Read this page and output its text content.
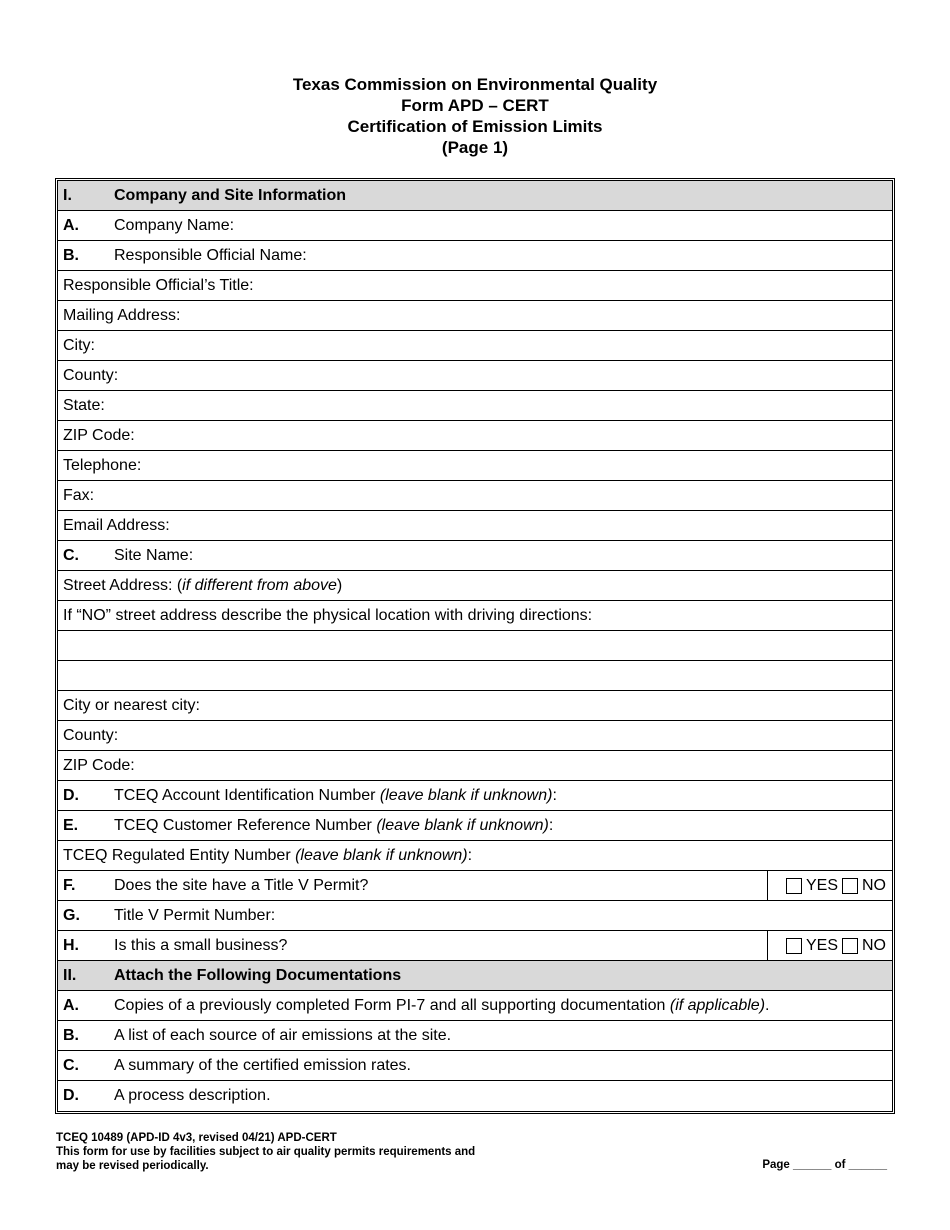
Texas Commission on Environmental Quality
Form APD – CERT
Certification of Emission Limits
(Page 1)
I.	Company and Site Information
A.	Company Name:
B.	Responsible Official Name:
Responsible Official’s Title:
Mailing Address:
City:
County:
State:
ZIP Code:
Telephone:
Fax:
Email Address:
C.	Site Name:
Street Address: (if different from above)
If “NO” street address describe the physical location with driving directions:
City or nearest city:
County:
ZIP Code:
D.	TCEQ Account Identification Number (leave blank if unknown):
E.	TCEQ Customer Reference Number (leave blank if unknown):
TCEQ Regulated Entity Number (leave blank if unknown):
F.	Does the site have a Title V Permit?	YES NO
G.	Title V Permit Number:
H.	Is this a small business?	YES NO
II.	Attach the Following Documentations
A.	Copies of a previously completed Form PI-7 and all supporting documentation (if applicable).
B.	A list of each source of air emissions at the site.
C.	A summary of the certified emission rates.
D.	A process description.
TCEQ 10489 (APD-ID 4v3, revised 04/21) APD-CERT
This form for use by facilities subject to air quality permits requirements and
may be revised periodically.	Page ______ of ______
